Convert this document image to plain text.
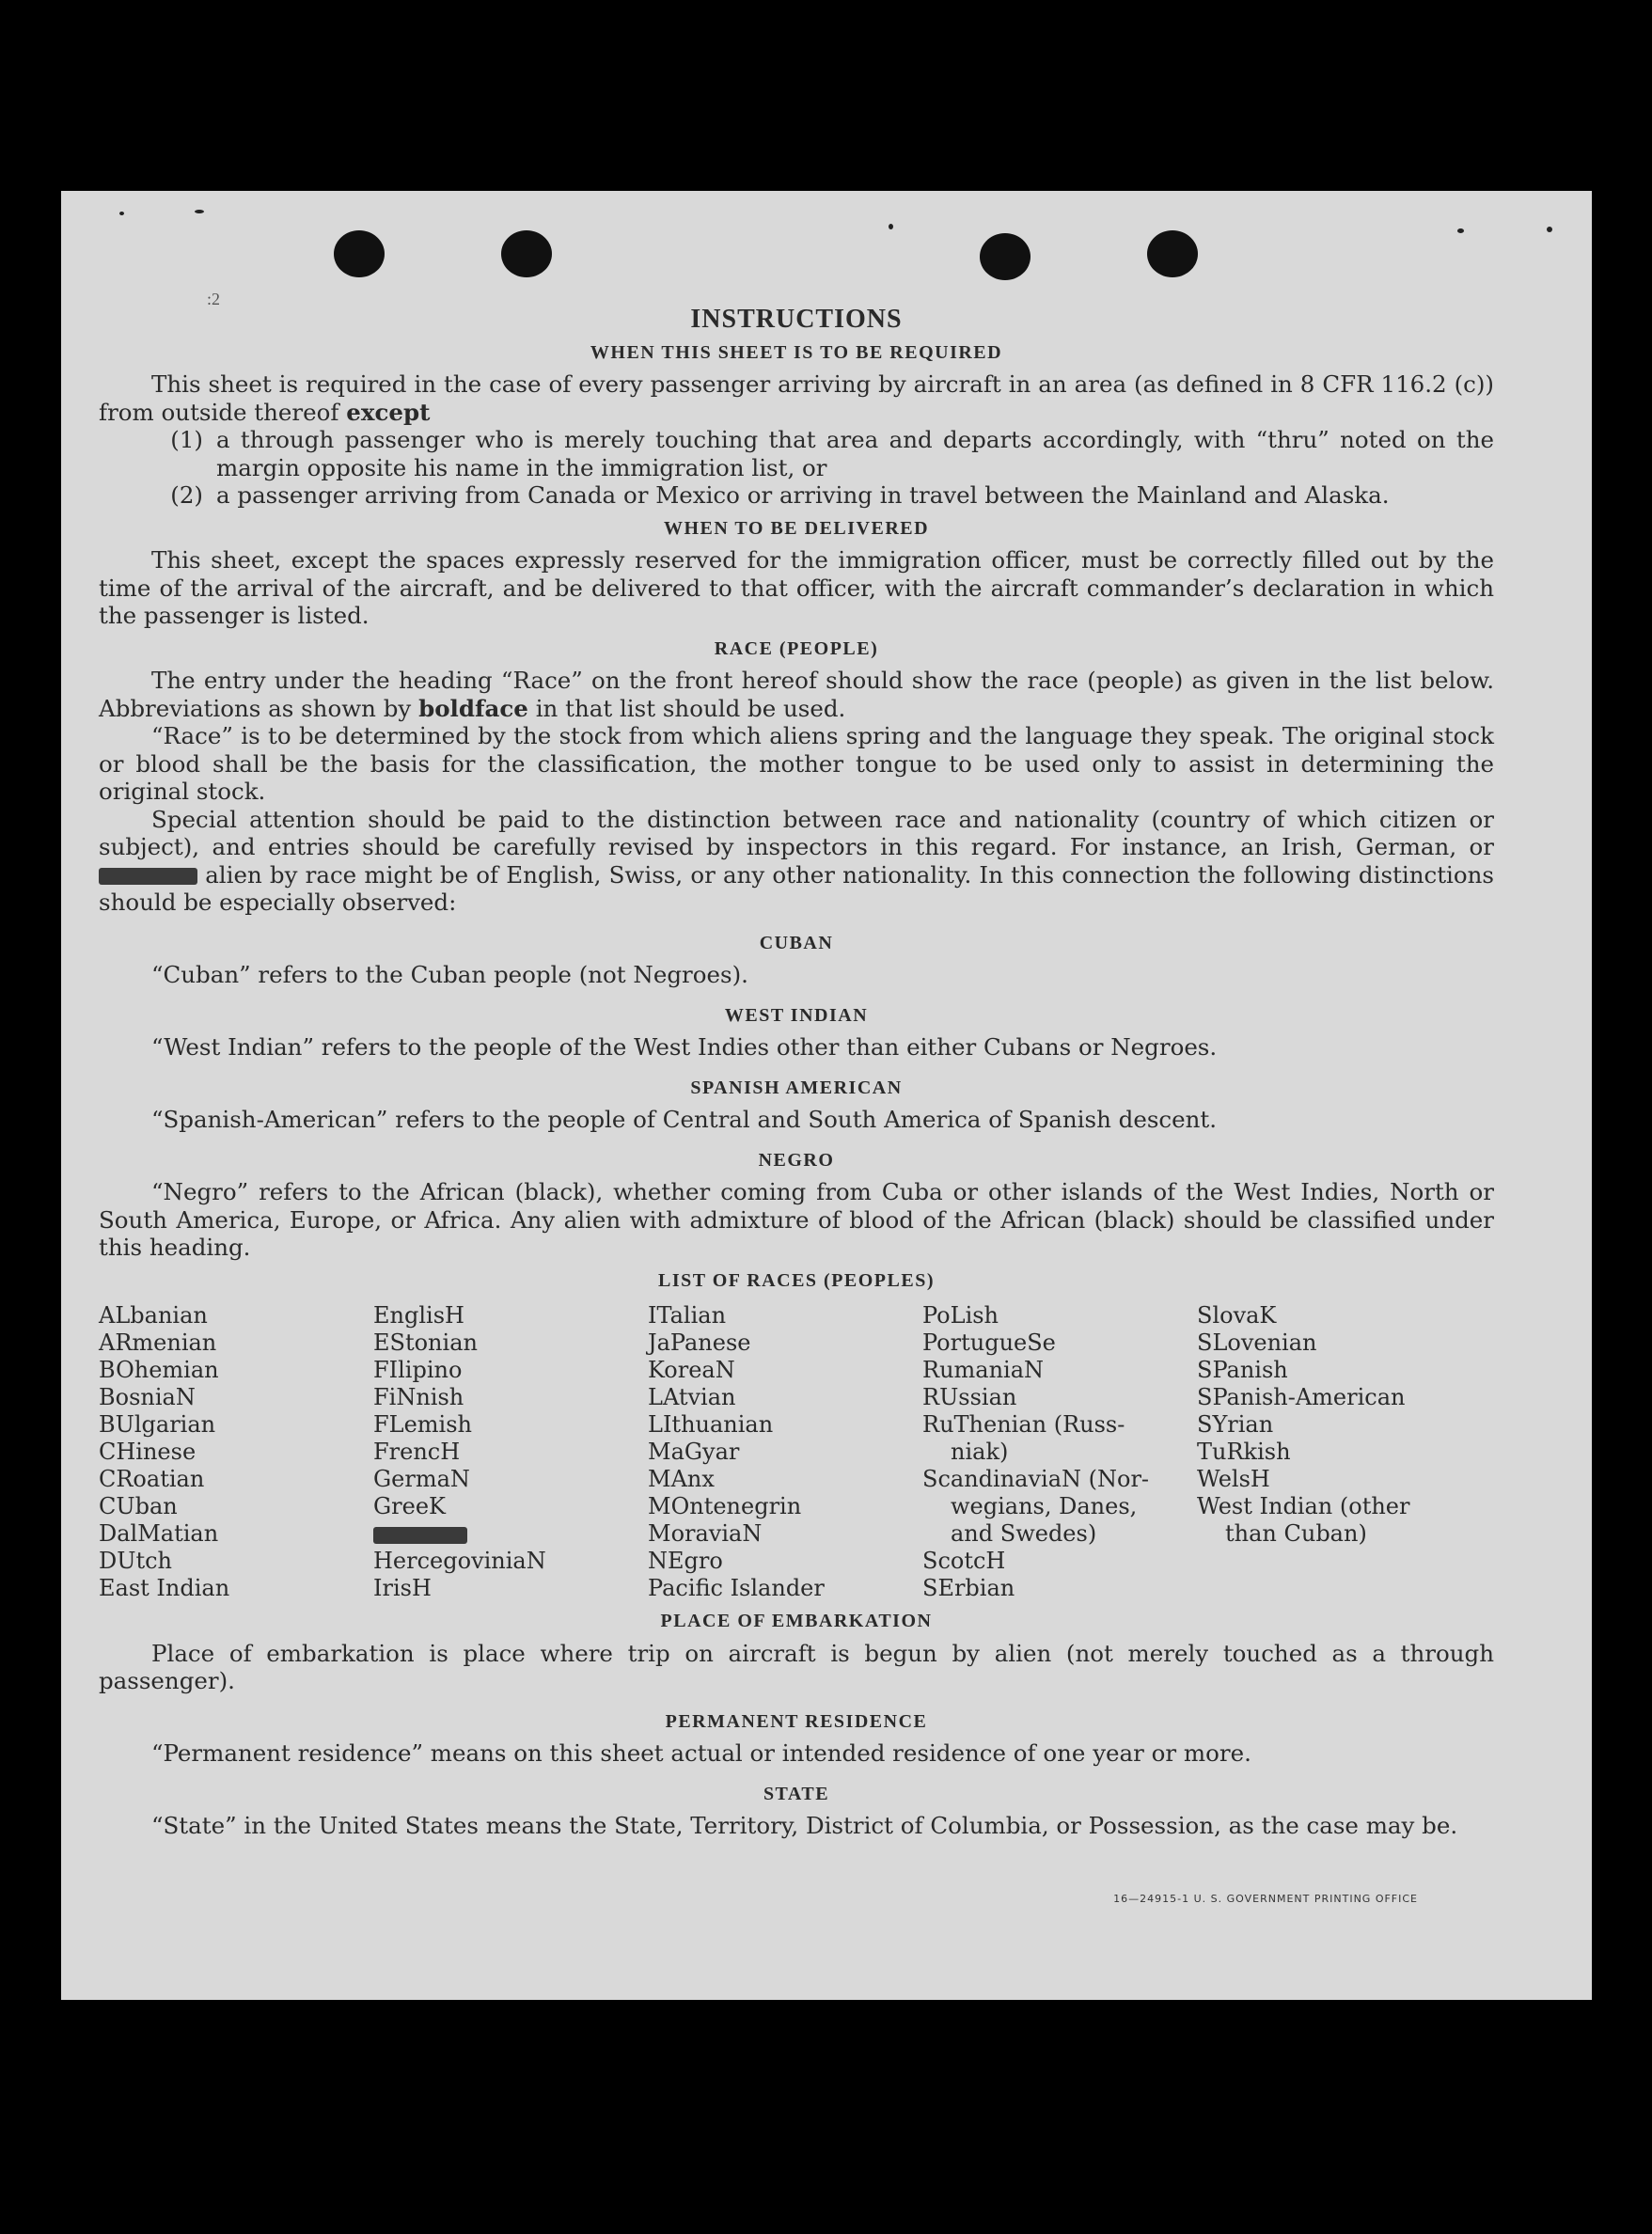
:2
INSTRUCTIONS
WHEN THIS SHEET IS TO BE REQUIRED

This sheet is required in the case of every passenger arriving by aircraft in an area (as defined in 8 CFR 116.2 (c)) from outside thereof except

(1) a through passenger who is merely touching that area and departs accordingly, with “thru” noted on the margin opposite his name in the immigration list, or
(2) a passenger arriving from Canada or Mexico or arriving in travel between the Mainland and Alaska.
WHEN TO BE DELIVERED

This sheet, except the spaces expressly reserved for the immigration officer, must be correctly filled out by the time of the arrival of the aircraft, and be delivered to that officer, with the aircraft commander’s declaration in which the passenger is listed.

RACE (PEOPLE)

The entry under the heading “Race” on the front hereof should show the race (people) as given in the list below. Abbreviations as shown by boldface in that list should be used.

“Race” is to be determined by the stock from which aliens spring and the language they speak. The original stock or blood shall be the basis for the classification, the mother tongue to be used only to assist in determining the original stock.

Special attention should be paid to the distinction between race and nationality (country of which citizen or subject), and entries should be carefully revised by inspectors in this regard. For instance, an Irish, German, or  alien by race might be of English, Swiss, or any other nationality. In this connection the following distinctions should be especially observed:

CUBAN

“Cuban” refers to the Cuban people (not Negroes).

WEST INDIAN

“West Indian” refers to the people of the West Indies other than either Cubans or Negroes.

SPANISH AMERICAN

“Spanish-American” refers to the people of Central and South America of Spanish descent.

NEGRO

“Negro” refers to the African (black), whether coming from Cuba or other islands of the West Indies, North or South America, Europe, or Africa. Any alien with admixture of blood of the African (black) should be classified under this heading.

LIST OF RACES (PEOPLES)
ALbanian
ARmenian
BOhemian
BosniaN
BUlgarian
CHinese
CRoatian
CUban
DalMatian
DUtch
East Indian
EnglisH
EStonian
FIlipino
FiNnish
FLemish
FrencH
GermaN
GreeK
HercegoviniaN
IrisH
ITalian
JaPanese
KoreaN
LAtvian
LIthuanian
MaGyar
MAnx
MOntenegrin
MoraviaN
NEgro
Pacific Islander
PoLish
PortugueSe
RumaniaN
RUssian
RuThenian (Russ-
niak)
ScandinaviaN (Nor-
wegians, Danes,
and Swedes)
ScotcH
SErbian
SlovaK
SLovenian
SPanish
SPanish-American
SYrian
TuRkish
WelsH
West Indian (other
than Cuban)
PLACE OF EMBARKATION

Place of embarkation is place where trip on aircraft is begun by alien (not merely touched as a through passenger).

PERMANENT RESIDENCE

“Permanent residence” means on this sheet actual or intended residence of one year or more.

STATE

“State” in the United States means the State, Territory, District of Columbia, or Possession, as the case may be.

16—24915-1 U. S. GOVERNMENT PRINTING OFFICE
